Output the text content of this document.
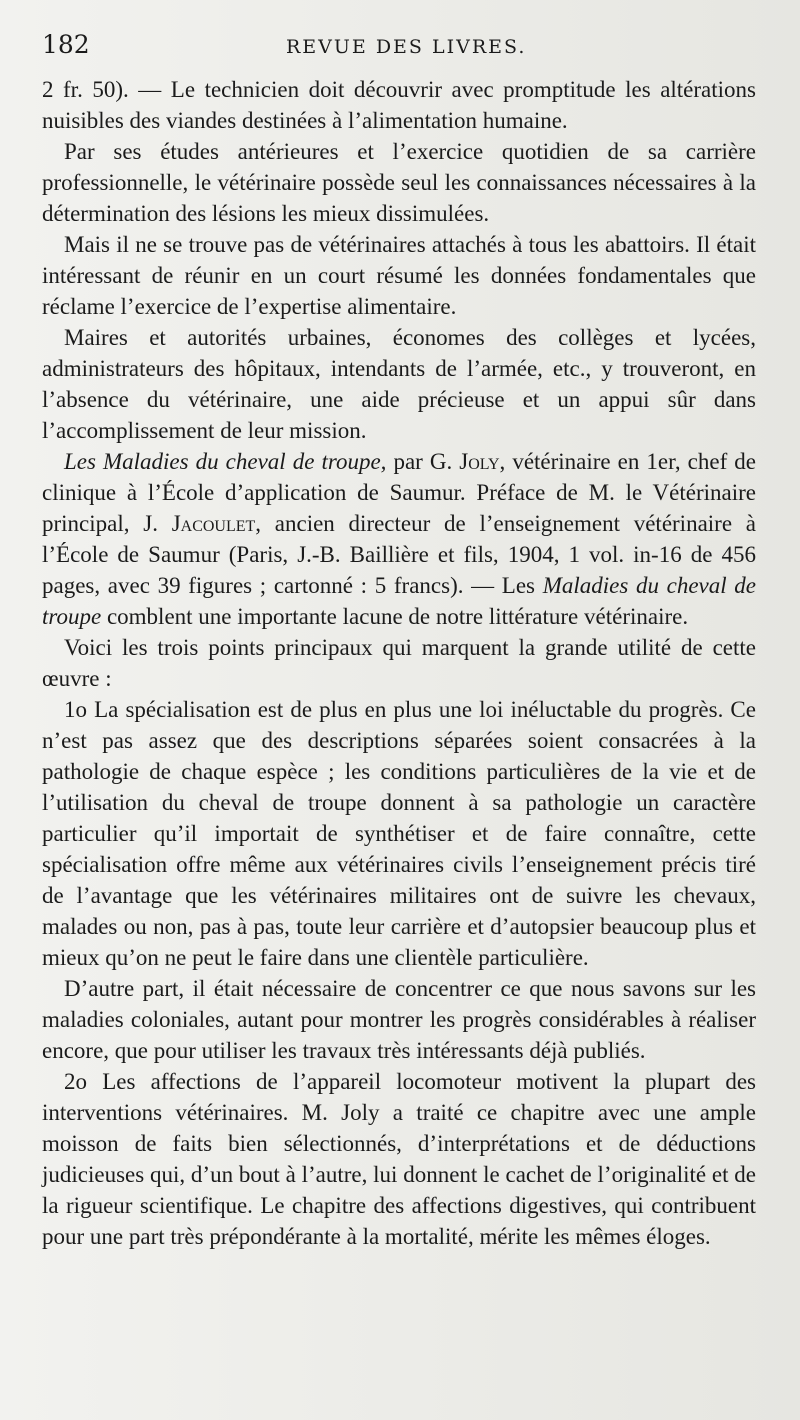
182	REVUE DES LIVRES.

2 fr. 50). — Le technicien doit découvrir avec promptitude les altérations nuisibles des viandes destinées à l’alimentation humaine.

Par ses études antérieures et l’exercice quotidien de sa carrière professionnelle, le vétérinaire possède seul les connaissances nécessaires à la détermination des lésions les mieux dissimulées.

Mais il ne se trouve pas de vétérinaires attachés à tous les abattoirs. Il était intéressant de réunir en un court résumé les données fondamentales que réclame l’exercice de l’expertise alimentaire.

Maires et autorités urbaines, économes des collèges et lycées, administrateurs des hôpitaux, intendants de l’armée, etc., y trouveront, en l’absence du vétérinaire, une aide précieuse et un appui sûr dans l’accomplissement de leur mission.

Les Maladies du cheval de troupe, par G. Joly, vétérinaire en 1er, chef de clinique à l’École d’application de Saumur. Préface de M. le Vétérinaire principal, J. Jacoulet, ancien directeur de l’enseignement vétérinaire à l’École de Saumur (Paris, J.-B. Baillière et fils, 1904, 1 vol. in-16 de 456 pages, avec 39 figures ; cartonné : 5 francs). — Les Maladies du cheval de troupe comblent une importante lacune de notre littérature vétérinaire.

Voici les trois points principaux qui marquent la grande utilité de cette œuvre :

1o La spécialisation est de plus en plus une loi inéluctable du progrès. Ce n’est pas assez que des descriptions séparées soient consacrées à la pathologie de chaque espèce ; les conditions particulières de la vie et de l’utilisation du cheval de troupe donnent à sa pathologie un caractère particulier qu’il importait de synthétiser et de faire connaître, cette spécialisation offre même aux vétérinaires civils l’enseignement précis tiré de l’avantage que les vétérinaires militaires ont de suivre les chevaux, malades ou non, pas à pas, toute leur carrière et d’autopsier beaucoup plus et mieux qu’on ne peut le faire dans une clientèle particulière.

D’autre part, il était nécessaire de concentrer ce que nous savons sur les maladies coloniales, autant pour montrer les progrès considérables à réaliser encore, que pour utiliser les travaux très intéressants déjà publiés.

2o Les affections de l’appareil locomoteur motivent la plupart des interventions vétérinaires. M. Joly a traité ce chapitre avec une ample moisson de faits bien sélectionnés, d’interprétations et de déductions judicieuses qui, d’un bout à l’autre, lui donnent le cachet de l’originalité et de la rigueur scientifique. Le chapitre des affections digestives, qui contribuent pour une part très prépondérante à la mortalité, mérite les mêmes éloges.
